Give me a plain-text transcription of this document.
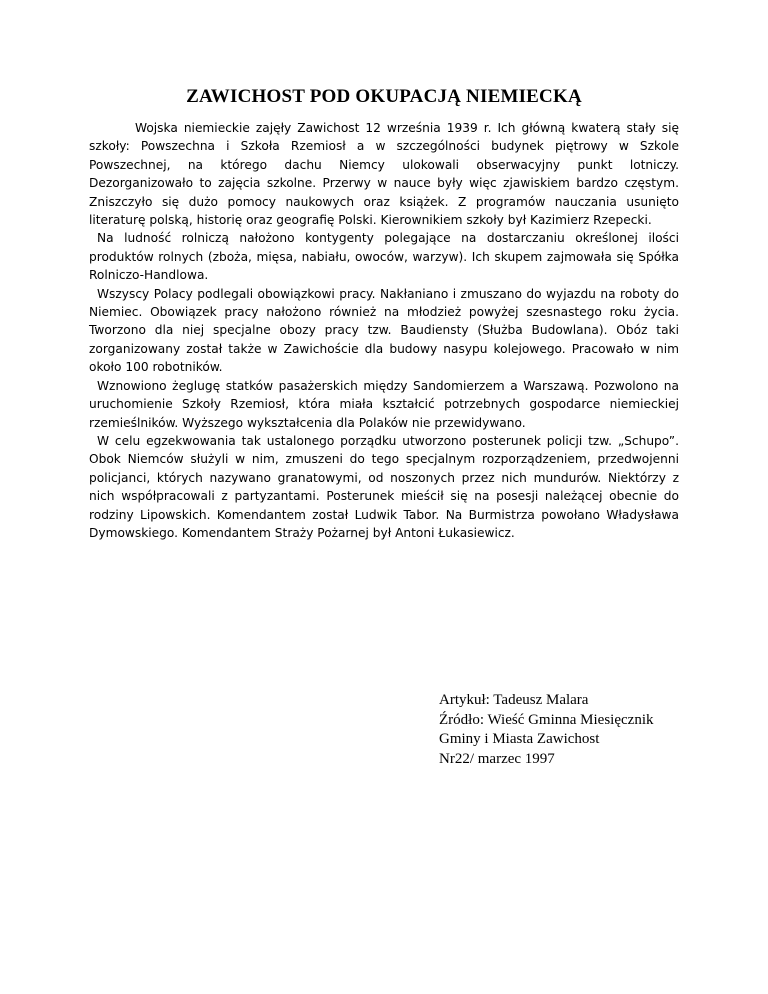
ZAWICHOST POD OKUPACJĄ NIEMIECKĄ

Wojska niemieckie zajęły Zawichost 12 września 1939 r. Ich główną kwaterą stały się szkoły: Powszechna i Szkoła Rzemiosł a w szczególności budynek piętrowy w Szkole Powszechnej, na którego dachu Niemcy ulokowali obserwacyjny punkt lotniczy. Dezorganizowało to zajęcia szkolne. Przerwy w nauce były więc zjawiskiem bardzo częstym. Zniszczyło się dużo pomocy naukowych oraz książek. Z programów nauczania usunięto literaturę polską, historię oraz geografię Polski. Kierownikiem szkoły był Kazimierz Rzepecki.

Na ludność rolniczą nałożono kontygenty polegające na dostarczaniu określonej ilości produktów rolnych (zboża, mięsa, nabiału, owoców, warzyw). Ich skupem zajmowała się Spółka Rolniczo-Handlowa.

Wszyscy Polacy podlegali obowiązkowi pracy. Nakłaniano i zmuszano do wyjazdu na roboty do Niemiec. Obowiązek pracy nałożono również na młodzież powyżej szesnastego roku życia. Tworzono dla niej specjalne obozy pracy tzw. Baudiensty (Służba Budowlana). Obóz taki zorganizowany został także w Zawichoście dla budowy nasypu kolejowego. Pracowało w nim około 100 robotników.

Wznowiono żeglugę statków pasażerskich między Sandomierzem a Warszawą. Pozwolono na uruchomienie Szkoły Rzemiosł, która miała kształcić potrzebnych gospodarce niemieckiej rzemieślników. Wyższego wykształcenia dla Polaków nie przewidywano.

W celu egzekwowania tak ustalonego porządku utworzono posterunek policji tzw. „Schupo”. Obok Niemców służyli w nim, zmuszeni do tego specjalnym rozporządzeniem, przedwojenni policjanci, których nazywano granatowymi, od noszonych przez nich mundurów. Niektórzy z nich współpracowali z partyzantami. Posterunek mieścił się na posesji należącej obecnie do rodziny Lipowskich. Komendantem został Ludwik Tabor. Na Burmistrza powołano Władysława Dymowskiego. Komendantem Straży Pożarnej był Antoni Łukasiewicz.

Artykuł: Tadeusz Malara
Źródło: Wieść Gminna Miesięcznik
Gminy i Miasta Zawichost
Nr22/ marzec 1997
